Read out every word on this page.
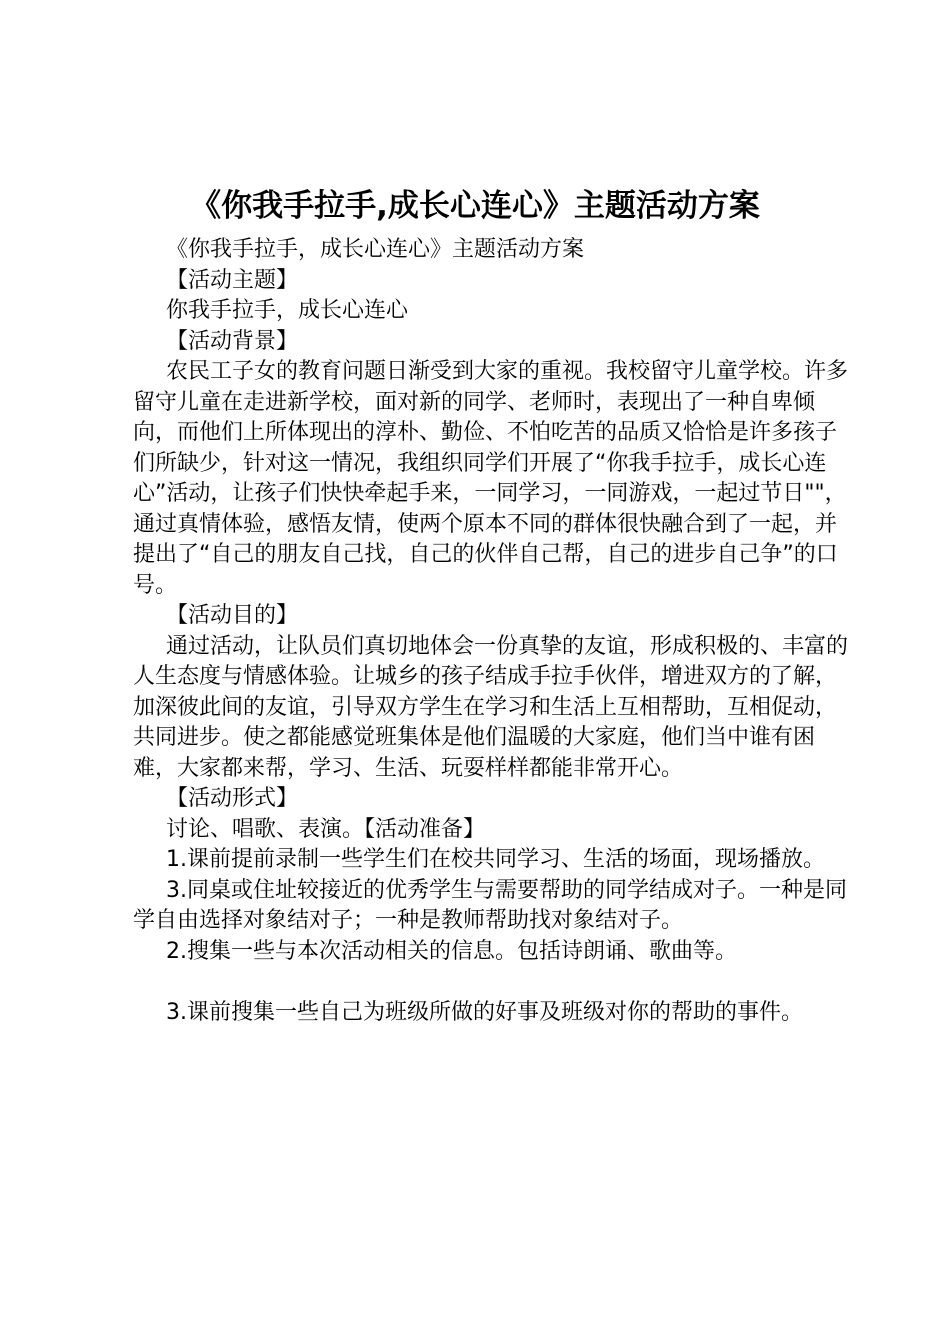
《你我手拉手,成长心连心》主题活动方案

《你我手拉手，成长心连心》主题活动方案

【活动主题】

你我手拉手，成长心连心

【活动背景】

农民工子女的教育问题日渐受到大家的重视。我校留守儿童学校。许多留守儿童在走进新学校，面对新的同学、老师时，表现出了一种自卑倾向，而他们上所体现出的淳朴、勤俭、不怕吃苦的品质又恰恰是许多孩子们所缺少，针对这一情况，我组织同学们开展了“你我手拉手，成长心连心”活动，让孩子们快快牵起手来，一同学习，一同游戏，一起过节日""，通过真情体验，感悟友情，使两个原本不同的群体很快融合到了一起，并提出了“自己的朋友自己找，自己的伙伴自己帮，自己的进步自己争”的口号。

【活动目的】

通过活动，让队员们真切地体会一份真挚的友谊，形成积极的、丰富的人生态度与情感体验。让城乡的孩子结成手拉手伙伴，增进双方的了解，加深彼此间的友谊，引导双方学生在学习和生活上互相帮助，互相促动，共同进步。使之都能感觉班集体是他们温暖的大家庭，他们当中谁有困难，大家都来帮，学习、生活、玩耍样样都能非常开心。

【活动形式】

讨论、唱歌、表演。【活动准备】

1.课前提前录制一些学生们在校共同学习、生活的场面，现场播放。

3.同桌或住址较接近的优秀学生与需要帮助的同学结成对子。一种是同学自由选择对象结对子；一种是教师帮助找对象结对子。

2.搜集一些与本次活动相关的信息。包括诗朗诵、歌曲等。

3.课前搜集一些自己为班级所做的好事及班级对你的帮助的事件。
